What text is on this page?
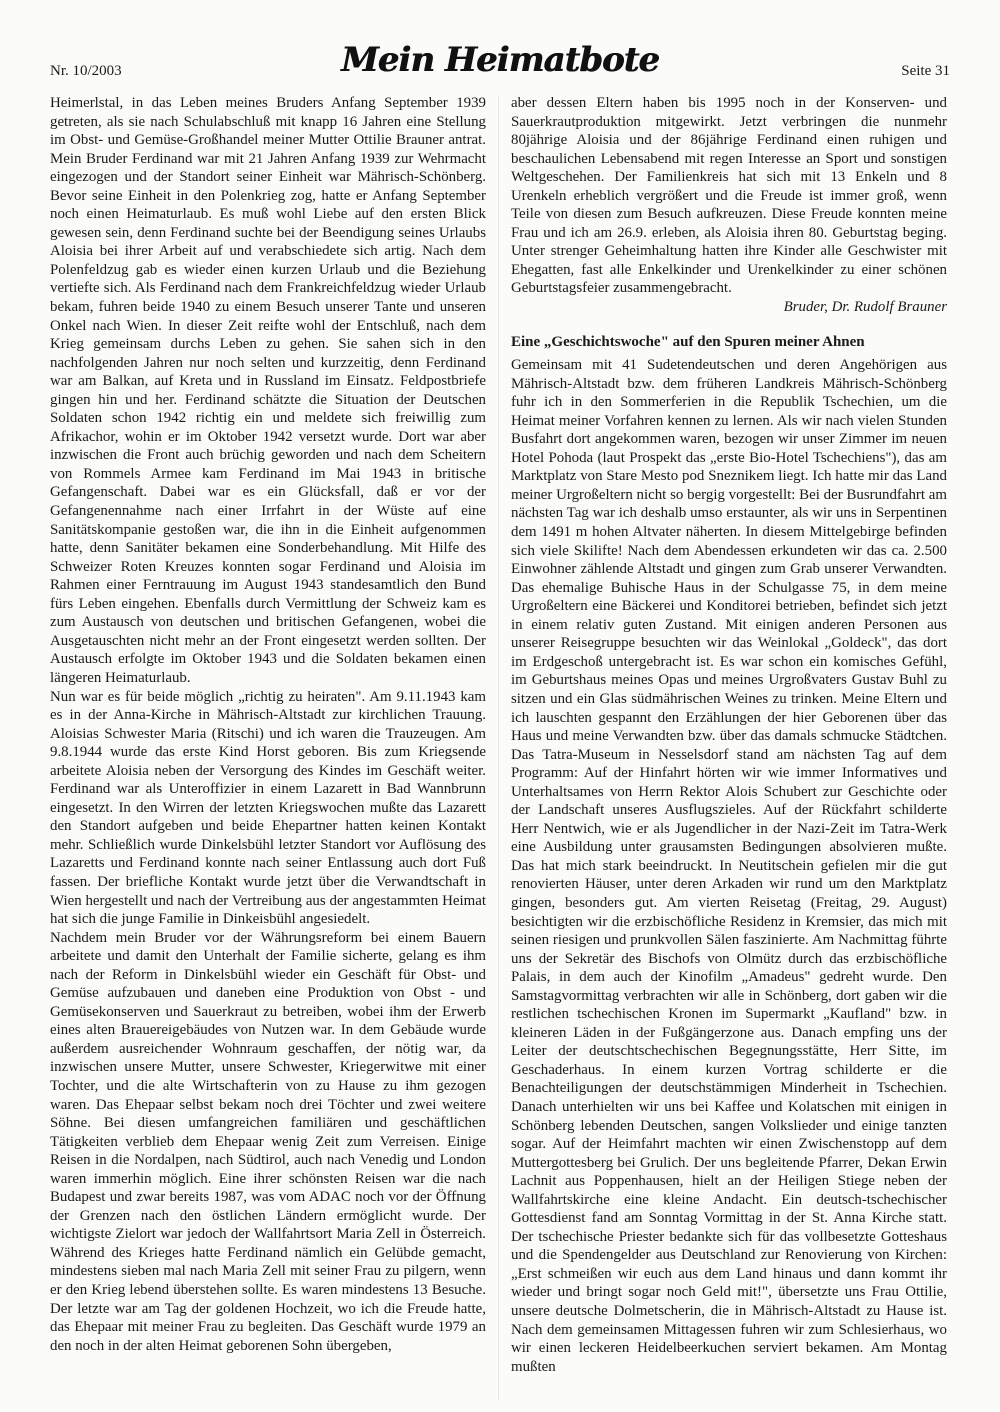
Nr. 10/2003	Mein Heimatbote	Seite 31

Heimerlstal, in das Leben meines Bruders Anfang September 1939 getreten, als sie nach Schulabschluß mit knapp 16 Jahren eine Stellung im Obst- und Gemüse-Großhandel meiner Mutter Ottilie Brauner antrat. Mein Bruder Ferdinand war mit 21 Jahren Anfang 1939 zur Wehrmacht eingezogen und der Standort seiner Einheit war Mährisch-Schönberg. Bevor seine Einheit in den Polenkrieg zog, hatte er Anfang September noch einen Heimaturlaub. Es muß wohl Liebe auf den ersten Blick gewesen sein, denn Ferdinand suchte bei der Beendigung seines Urlaubs Aloisia bei ihrer Arbeit auf und verabschiedete sich artig. Nach dem Polenfeldzug gab es wieder einen kurzen Urlaub und die Beziehung vertiefte sich. Als Ferdinand nach dem Frankreichfeldzug wieder Urlaub bekam, fuhren beide 1940 zu einem Besuch unserer Tante und unseren Onkel nach Wien. In dieser Zeit reifte wohl der Entschluß, nach dem Krieg gemeinsam durchs Leben zu gehen. Sie sahen sich in den nachfolgenden Jahren nur noch selten und kurzzeitig, denn Ferdinand war am Balkan, auf Kreta und in Russland im Einsatz. Feldpostbriefe gingen hin und her. Ferdinand schätzte die Situation der Deutschen Soldaten schon 1942 richtig ein und meldete sich freiwillig zum Afrikachor, wohin er im Oktober 1942 versetzt wurde. Dort war aber inzwischen die Front auch brüchig geworden und nach dem Scheitern von Rommels Armee kam Ferdinand im Mai 1943 in britische Gefangenschaft. Dabei war es ein Glücksfall, daß er vor der Gefangenennahme nach einer Irrfahrt in der Wüste auf eine Sanitätskompanie gestoßen war, die ihn in die Einheit aufgenommen hatte, denn Sanitäter bekamen eine Sonderbehandlung. Mit Hilfe des Schweizer Roten Kreuzes konnten sogar Ferdinand und Aloisia im Rahmen einer Ferntrauung im August 1943 standesamtlich den Bund fürs Leben eingehen. Ebenfalls durch Vermittlung der Schweiz kam es zum Austausch von deutschen und britischen Gefangenen, wobei die Ausgetauschten nicht mehr an der Front eingesetzt werden sollten. Der Austausch erfolgte im Oktober 1943 und die Soldaten bekamen einen längeren Heimaturlaub.

Nun war es für beide möglich „richtig zu heiraten". Am 9.11.1943 kam es in der Anna-Kirche in Mährisch-Altstadt zur kirchlichen Trauung. Aloisias Schwester Maria (Ritschi) und ich waren die Trauzeugen. Am 9.8.1944 wurde das erste Kind Horst geboren. Bis zum Kriegsende arbeitete Aloisia neben der Versorgung des Kindes im Geschäft weiter. Ferdinand war als Unteroffizier in einem Lazarett in Bad Wannbrunn eingesetzt. In den Wirren der letzten Kriegswochen mußte das Lazarett den Standort aufgeben und beide Ehepartner hatten keinen Kontakt mehr. Schließlich wurde Dinkelsbühl letzter Standort vor Auflösung des Lazaretts und Ferdinand konnte nach seiner Entlassung auch dort Fuß fassen. Der briefliche Kontakt wurde jetzt über die Verwandtschaft in Wien hergestellt und nach der Vertreibung aus der angestammten Heimat hat sich die junge Familie in Dinkeisbühl angesiedelt.

Nachdem mein Bruder vor der Währungsreform bei einem Bauern arbeitete und damit den Unterhalt der Familie sicherte, gelang es ihm nach der Reform in Dinkelsbühl wieder ein Geschäft für Obst- und Gemüse aufzubauen und daneben eine Produktion von Obst - und Gemüsekonserven und Sauerkraut zu betreiben, wobei ihm der Erwerb eines alten Brauereigebäudes von Nutzen war. In dem Gebäude wurde außerdem ausreichender Wohnraum geschaffen, der nötig war, da inzwischen unsere Mutter, unsere Schwester, Kriegerwitwe mit einer Tochter, und die alte Wirtschafterin von zu Hause zu ihm gezogen waren. Das Ehepaar selbst bekam noch drei Töchter und zwei weitere Söhne. Bei diesen umfangreichen familiären und geschäftlichen Tätigkeiten verblieb dem Ehepaar wenig Zeit zum Verreisen. Einige Reisen in die Nordalpen, nach Südtirol, auch nach Venedig und London waren immerhin möglich. Eine ihrer schönsten Reisen war die nach Budapest und zwar bereits 1987, was vom ADAC noch vor der Öffnung der Grenzen nach den östlichen Ländern ermöglicht wurde. Der wichtigste Zielort war jedoch der Wallfahrtsort Maria Zell in Österreich. Während des Krieges hatte Ferdinand nämlich ein Gelübde gemacht, mindestens sieben mal nach Maria Zell mit seiner Frau zu pilgern, wenn er den Krieg lebend überstehen sollte. Es waren mindestens 13 Besuche. Der letzte war am Tag der goldenen Hochzeit, wo ich die Freude hatte, das Ehepaar mit meiner Frau zu begleiten. Das Geschäft wurde 1979 an den noch in der alten Heimat geborenen Sohn übergeben,

aber dessen Eltern haben bis 1995 noch in der Konserven- und Sauerkrautproduktion mitgewirkt. Jetzt verbringen die nunmehr 80jährige Aloisia und der 86jährige Ferdinand einen ruhigen und beschaulichen Lebensabend mit regen Interesse an Sport und sonstigen Weltgeschehen. Der Familienkreis hat sich mit 13 Enkeln und 8 Urenkeln erheblich vergrößert und die Freude ist immer groß, wenn Teile von diesen zum Besuch aufkreuzen. Diese Freude konnten meine Frau und ich am 26.9. erleben, als Aloisia ihren 80. Geburtstag beging. Unter strenger Geheimhaltung hatten ihre Kinder alle Geschwister mit Ehegatten, fast alle Enkelkinder und Urenkelkinder zu einer schönen Geburtstagsfeier zusammengebracht.

Bruder, Dr. Rudolf Brauner

Eine „Geschichtswoche" auf den Spuren meiner Ahnen

Gemeinsam mit 41 Sudetendeutschen und deren Angehörigen aus Mährisch-Altstadt bzw. dem früheren Landkreis Mährisch-Schönberg fuhr ich in den Sommerferien in die Republik Tschechien, um die Heimat meiner Vorfahren kennen zu lernen. Als wir nach vielen Stunden Busfahrt dort angekommen waren, bezogen wir unser Zimmer im neuen Hotel Pohoda (laut Prospekt das „erste Bio-Hotel Tschechiens"), das am Marktplatz von Stare Mesto pod Sneznikem liegt. Ich hatte mir das Land meiner Urgroßeltern nicht so bergig vorgestellt: Bei der Busrundfahrt am nächsten Tag war ich deshalb umso erstaunter, als wir uns in Serpentinen dem 1491 m hohen Altvater näherten. In diesem Mittelgebirge befinden sich viele Skilifte! Nach dem Abendessen erkundeten wir das ca. 2.500 Einwohner zählende Altstadt und gingen zum Grab unserer Verwandten. Das ehemalige Buhische Haus in der Schulgasse 75, in dem meine Urgroßeltern eine Bäckerei und Konditorei betrieben, befindet sich jetzt in einem relativ guten Zustand. Mit einigen anderen Personen aus unserer Reisegruppe besuchten wir das Weinlokal „Goldeck", das dort im Erdgeschoß untergebracht ist. Es war schon ein komisches Gefühl, im Geburtshaus meines Opas und meines Urgroßvaters Gustav Buhl zu sitzen und ein Glas südmährischen Weines zu trinken. Meine Eltern und ich lauschten gespannt den Erzählungen der hier Geborenen über das Haus und meine Verwandten bzw. über das damals schmucke Städtchen. Das Tatra-Museum in Nesselsdorf stand am nächsten Tag auf dem Programm: Auf der Hinfahrt hörten wir wie immer Informatives und Unterhaltsames von Herrn Rektor Alois Schubert zur Geschichte oder der Landschaft unseres Ausflugszieles. Auf der Rückfahrt schilderte Herr Nentwich, wie er als Jugendlicher in der Nazi-Zeit im Tatra-Werk eine Ausbildung unter grausamsten Bedingungen absolvieren mußte. Das hat mich stark beeindruckt. In Neutitschein gefielen mir die gut renovierten Häuser, unter deren Arkaden wir rund um den Marktplatz gingen, besonders gut. Am vierten Reisetag (Freitag, 29. August) besichtigten wir die erzbischöfliche Residenz in Kremsier, das mich mit seinen riesigen und prunkvollen Sälen faszinierte. Am Nachmittag führte uns der Sekretär des Bischofs von Olmütz durch das erzbischöfliche Palais, in dem auch der Kinofilm „Amadeus" gedreht wurde. Den Samstagvormittag verbrachten wir alle in Schönberg, dort gaben wir die restlichen tschechischen Kronen im Supermarkt „Kaufland" bzw. in kleineren Läden in der Fußgängerzone aus. Danach empfing uns der Leiter der deutschtschechischen Begegnungsstätte, Herr Sitte, im Geschaderhaus. In einem kurzen Vortrag schilderte er die Benachteiligungen der deutschstämmigen Minderheit in Tschechien. Danach unterhielten wir uns bei Kaffee und Kolatschen mit einigen in Schönberg lebenden Deutschen, sangen Volkslieder und einige tanzten sogar. Auf der Heimfahrt machten wir einen Zwischenstopp auf dem Muttergottesberg bei Grulich. Der uns begleitende Pfarrer, Dekan Erwin Lachnit aus Poppenhausen, hielt an der Heiligen Stiege neben der Wallfahrtskirche eine kleine Andacht. Ein deutsch-tschechischer Gottesdienst fand am Sonntag Vormittag in der St. Anna Kirche statt. Der tschechische Priester bedankte sich für das vollbesetzte Gotteshaus und die Spendengelder aus Deutschland zur Renovierung von Kirchen: „Erst schmeißen wir euch aus dem Land hinaus und dann kommt ihr wieder und bringt sogar noch Geld mit!", übersetzte uns Frau Ottilie, unsere deutsche Dolmetscherin, die in Mährisch-Altstadt zu Hause ist. Nach dem gemeinsamen Mittagessen fuhren wir zum Schlesierhaus, wo wir einen leckeren Heidelbeerkuchen serviert bekamen. Am Montag mußten
